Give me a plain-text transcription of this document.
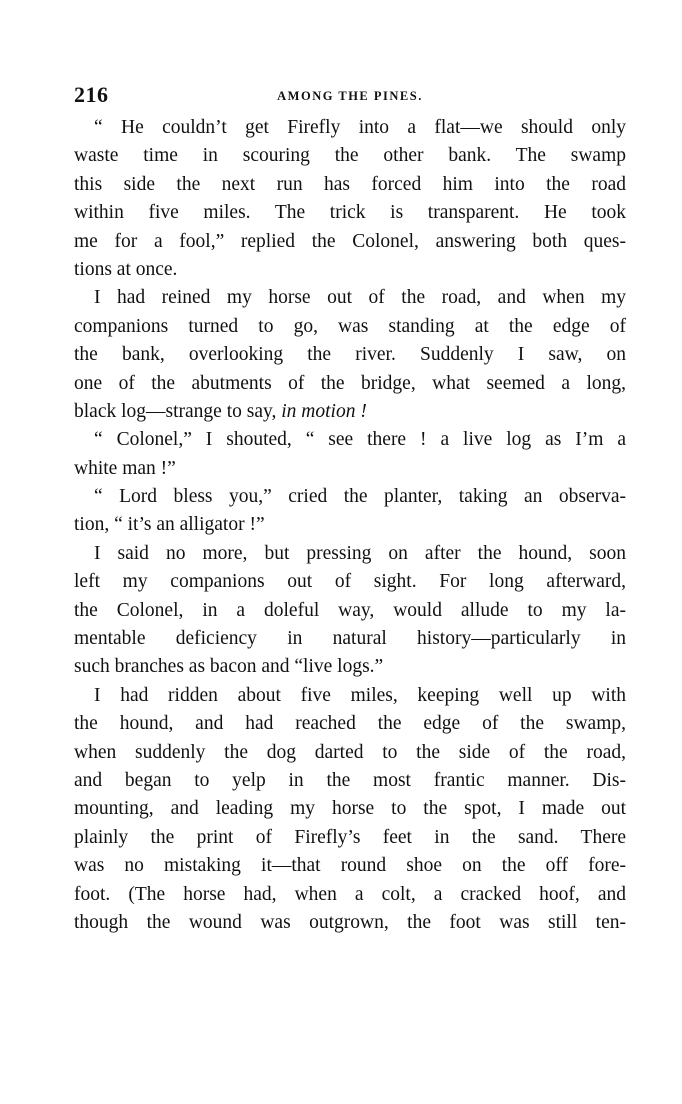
216	AMONG THE PINES.
“ He couldn’t get Firefly into a flat—we should only
waste time in scouring the other bank. The swamp
this side the next run has forced him into the road
within five miles. The trick is transparent. He took
me for a fool,” replied the Colonel, answering both ques-
tions at once.
I had reined my horse out of the road, and when my
companions turned to go, was standing at the edge of
the bank, overlooking the river. Suddenly I saw, on
one of the abutments of the bridge, what seemed a long,
black log—strange to say, in motion !
“ Colonel,” I shouted, “ see there ! a live log as I’m a
white man !”
“ Lord bless you,” cried the planter, taking an observa-
tion, “ it’s an alligator !”
I said no more, but pressing on after the hound, soon
left my companions out of sight. For long afterward,
the Colonel, in a doleful way, would allude to my la-
mentable deficiency in natural history—particularly in
such branches as bacon and “live logs.”
I had ridden about five miles, keeping well up with
the hound, and had reached the edge of the swamp,
when suddenly the dog darted to the side of the road,
and began to yelp in the most frantic manner. Dis-
mounting, and leading my horse to the spot, I made out
plainly the print of Firefly’s feet in the sand. There
was no mistaking it—that round shoe on the off fore-
foot. (The horse had, when a colt, a cracked hoof, and
though the wound was outgrown, the foot was still ten-
